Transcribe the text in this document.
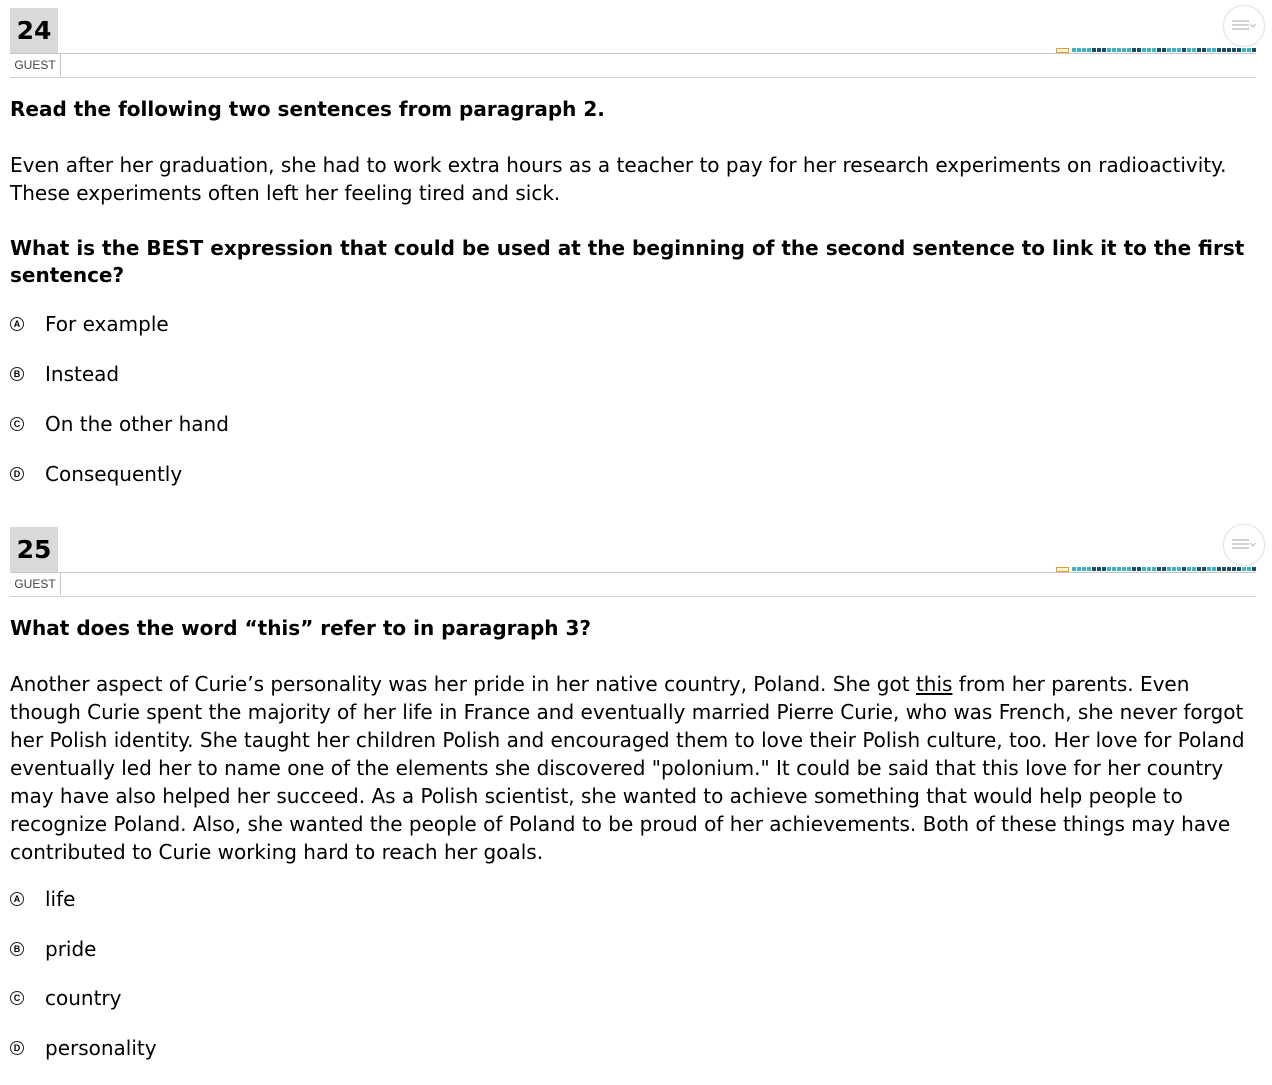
24
GUEST
Read the following two sentences from paragraph 2.
Even after her graduation, she had to work extra hours as a teacher to pay for her research experiments on radioactivity. These experiments often left her feeling tired and sick.
What is the BEST expression that could be used at the beginning of the second sentence to link it to the first sentence?
A For example
B Instead
C On the other hand
D Consequently
25
GUEST
What does the word “this” refer to in paragraph 3?
Another aspect of Curie’s personality was her pride in her native country, Poland. She got this from her parents. Even though Curie spent the majority of her life in France and eventually married Pierre Curie, who was French, she never forgot her Polish identity. She taught her children Polish and encouraged them to love their Polish culture, too. Her love for Poland eventually led her to name one of the elements she discovered "polonium." It could be said that this love for her country may have also helped her succeed. As a Polish scientist, she wanted to achieve something that would help people to recognize Poland. Also, she wanted the people of Poland to be proud of her achievements. Both of these things may have contributed to Curie working hard to reach her goals.
A life
B pride
C country
D personality
